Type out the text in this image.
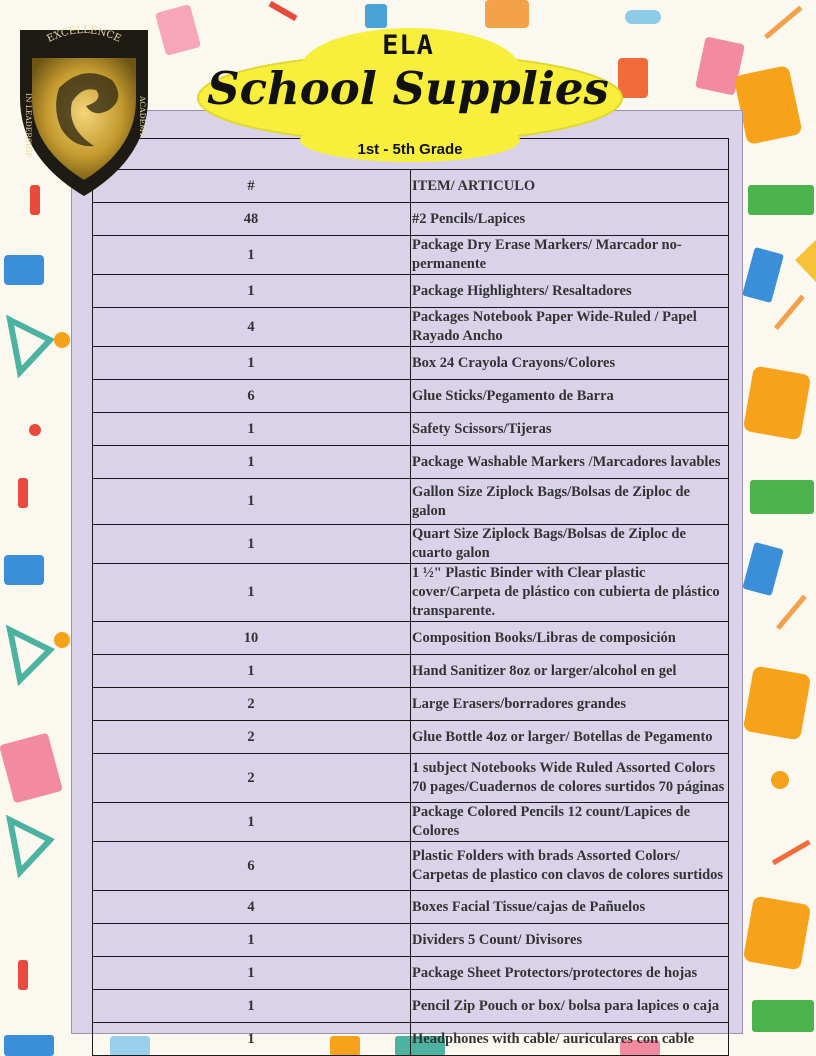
#	ITEM/ ARTICULO
48	#2 Pencils/Lapices
1	Package Dry Erase Markers/ Marcador no-permanente
1	Package Highlighters/ Resaltadores
4	Packages Notebook Paper Wide-Ruled / Papel Rayado Ancho
1	Box 24 Crayola Crayons/Colores
6	Glue Sticks/Pegamento de Barra
1	Safety Scissors/Tijeras
1	Package Washable Markers /Marcadores lavables
1	Gallon Size Ziplock Bags/Bolsas de Ziploc de galon
1	Quart Size Ziplock Bags/Bolsas de Ziploc de cuarto galon
1	1 ½" Plastic Binder with Clear plastic cover/Carpeta de plástico con cubierta de plástico transparente.
10	Composition Books/Libras de composición
1	Hand Sanitizer 8oz or larger/alcohol en gel
2	Large Erasers/borradores grandes
2	Glue Bottle 4oz or larger/ Botellas de Pegamento
2	1 subject Notebooks Wide Ruled Assorted Colors 70 pages/Cuadernos de colores surtidos 70 páginas
1	Package Colored Pencils 12 count/Lapices de Colores
6	Plastic Folders with brads Assorted Colors/ Carpetas de plastico con clavos de colores surtidos
4	Boxes Facial Tissue/cajas de Pañuelos
1	Dividers 5 Count/ Divisores
1	Package Sheet Protectors/protectores de hojas
1	Pencil Zip Pouch or box/ bolsa para lapices o caja
1	Headphones with cable/ auriculares con cable
ELA
School Supplies
1st - 5th Grade
EXCELLENCE
IN LEADERSHIP	ACADEMY
